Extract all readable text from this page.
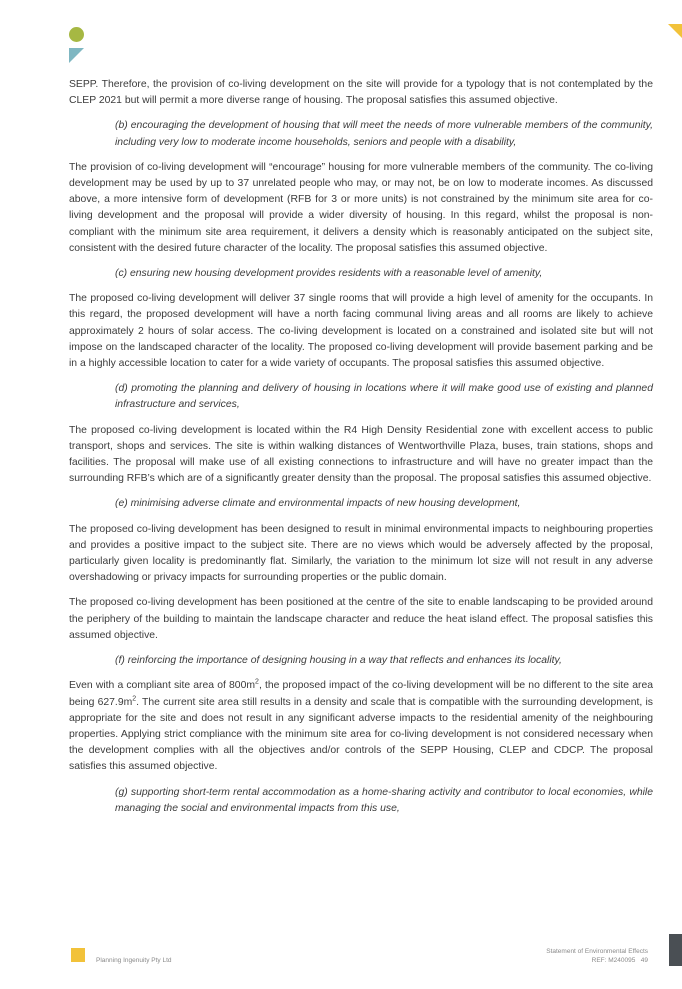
SEPP. Therefore, the provision of co-living development on the site will provide for a typology that is not contemplated by the CLEP 2021 but will permit a more diverse range of housing. The proposal satisfies this assumed objective.

(b) encouraging the development of housing that will meet the needs of more vulnerable members of the community, including very low to moderate income households, seniors and people with a disability,

The provision of co-living development will “encourage” housing for more vulnerable members of the community. The co-living development may be used by up to 37 unrelated people who may, or may not, be on low to moderate incomes. As discussed above, a more intensive form of development (RFB for 3 or more units) is not constrained by the minimum site area for co-living development and the proposal will provide a wider diversity of housing. In this regard, whilst the proposal is non-compliant with the minimum site area requirement, it delivers a density which is reasonably anticipated on the subject site, consistent with the desired future character of the locality. The proposal satisfies this assumed objective.

(c) ensuring new housing development provides residents with a reasonable level of amenity,

The proposed co-living development will deliver 37 single rooms that will provide a high level of amenity for the occupants. In this regard, the proposed development will have a north facing communal living areas and all rooms are likely to achieve approximately 2 hours of solar access. The co-living development is located on a constrained and isolated site but will not impose on the landscaped character of the locality. The proposed co-living development will provide basement parking and be in a highly accessible location to cater for a wide variety of occupants. The proposal satisfies this assumed objective.

(d) promoting the planning and delivery of housing in locations where it will make good use of existing and planned infrastructure and services,

The proposed co-living development is located within the R4 High Density Residential zone with excellent access to public transport, shops and services. The site is within walking distances of Wentworthville Plaza, buses, train stations, shops and facilities. The proposal will make use of all existing connections to infrastructure and will have no greater impact than the surrounding RFB’s which are of a significantly greater density than the proposal. The proposal satisfies this assumed objective.

(e) minimising adverse climate and environmental impacts of new housing development,

The proposed co-living development has been designed to result in minimal environmental impacts to neighbouring properties and provides a positive impact to the subject site. There are no views which would be adversely affected by the proposal, particularly given locality is predominantly flat. Similarly, the variation to the minimum lot size will not result in any adverse overshadowing or privacy impacts for surrounding properties or the public domain.

The proposed co-living development has been positioned at the centre of the site to enable landscaping to be provided around the periphery of the building to maintain the landscape character and reduce the heat island effect. The proposal satisfies this assumed objective.

(f) reinforcing the importance of designing housing in a way that reflects and enhances its locality,

Even with a compliant site area of $800m^2$, the proposed impact of the co-living development will be no different to the site area being $627.9m^2$. The current site area still results in a density and scale that is compatible with the surrounding development, is appropriate for the site and does not result in any significant adverse impacts to the residential amenity of the neighbouring properties. Applying strict compliance with the minimum site area for co-living development is not considered necessary when the development complies with all the objectives and/or controls of the SEPP Housing, CLEP and CDCP. The proposal satisfies this assumed objective.

(g) supporting short-term rental accommodation as a home-sharing activity and contributor to local economies, while managing the social and environmental impacts from this use,

Planning Ingenuity Pty Ltd
Statement of Environmental Effects
REF: M240095 49
